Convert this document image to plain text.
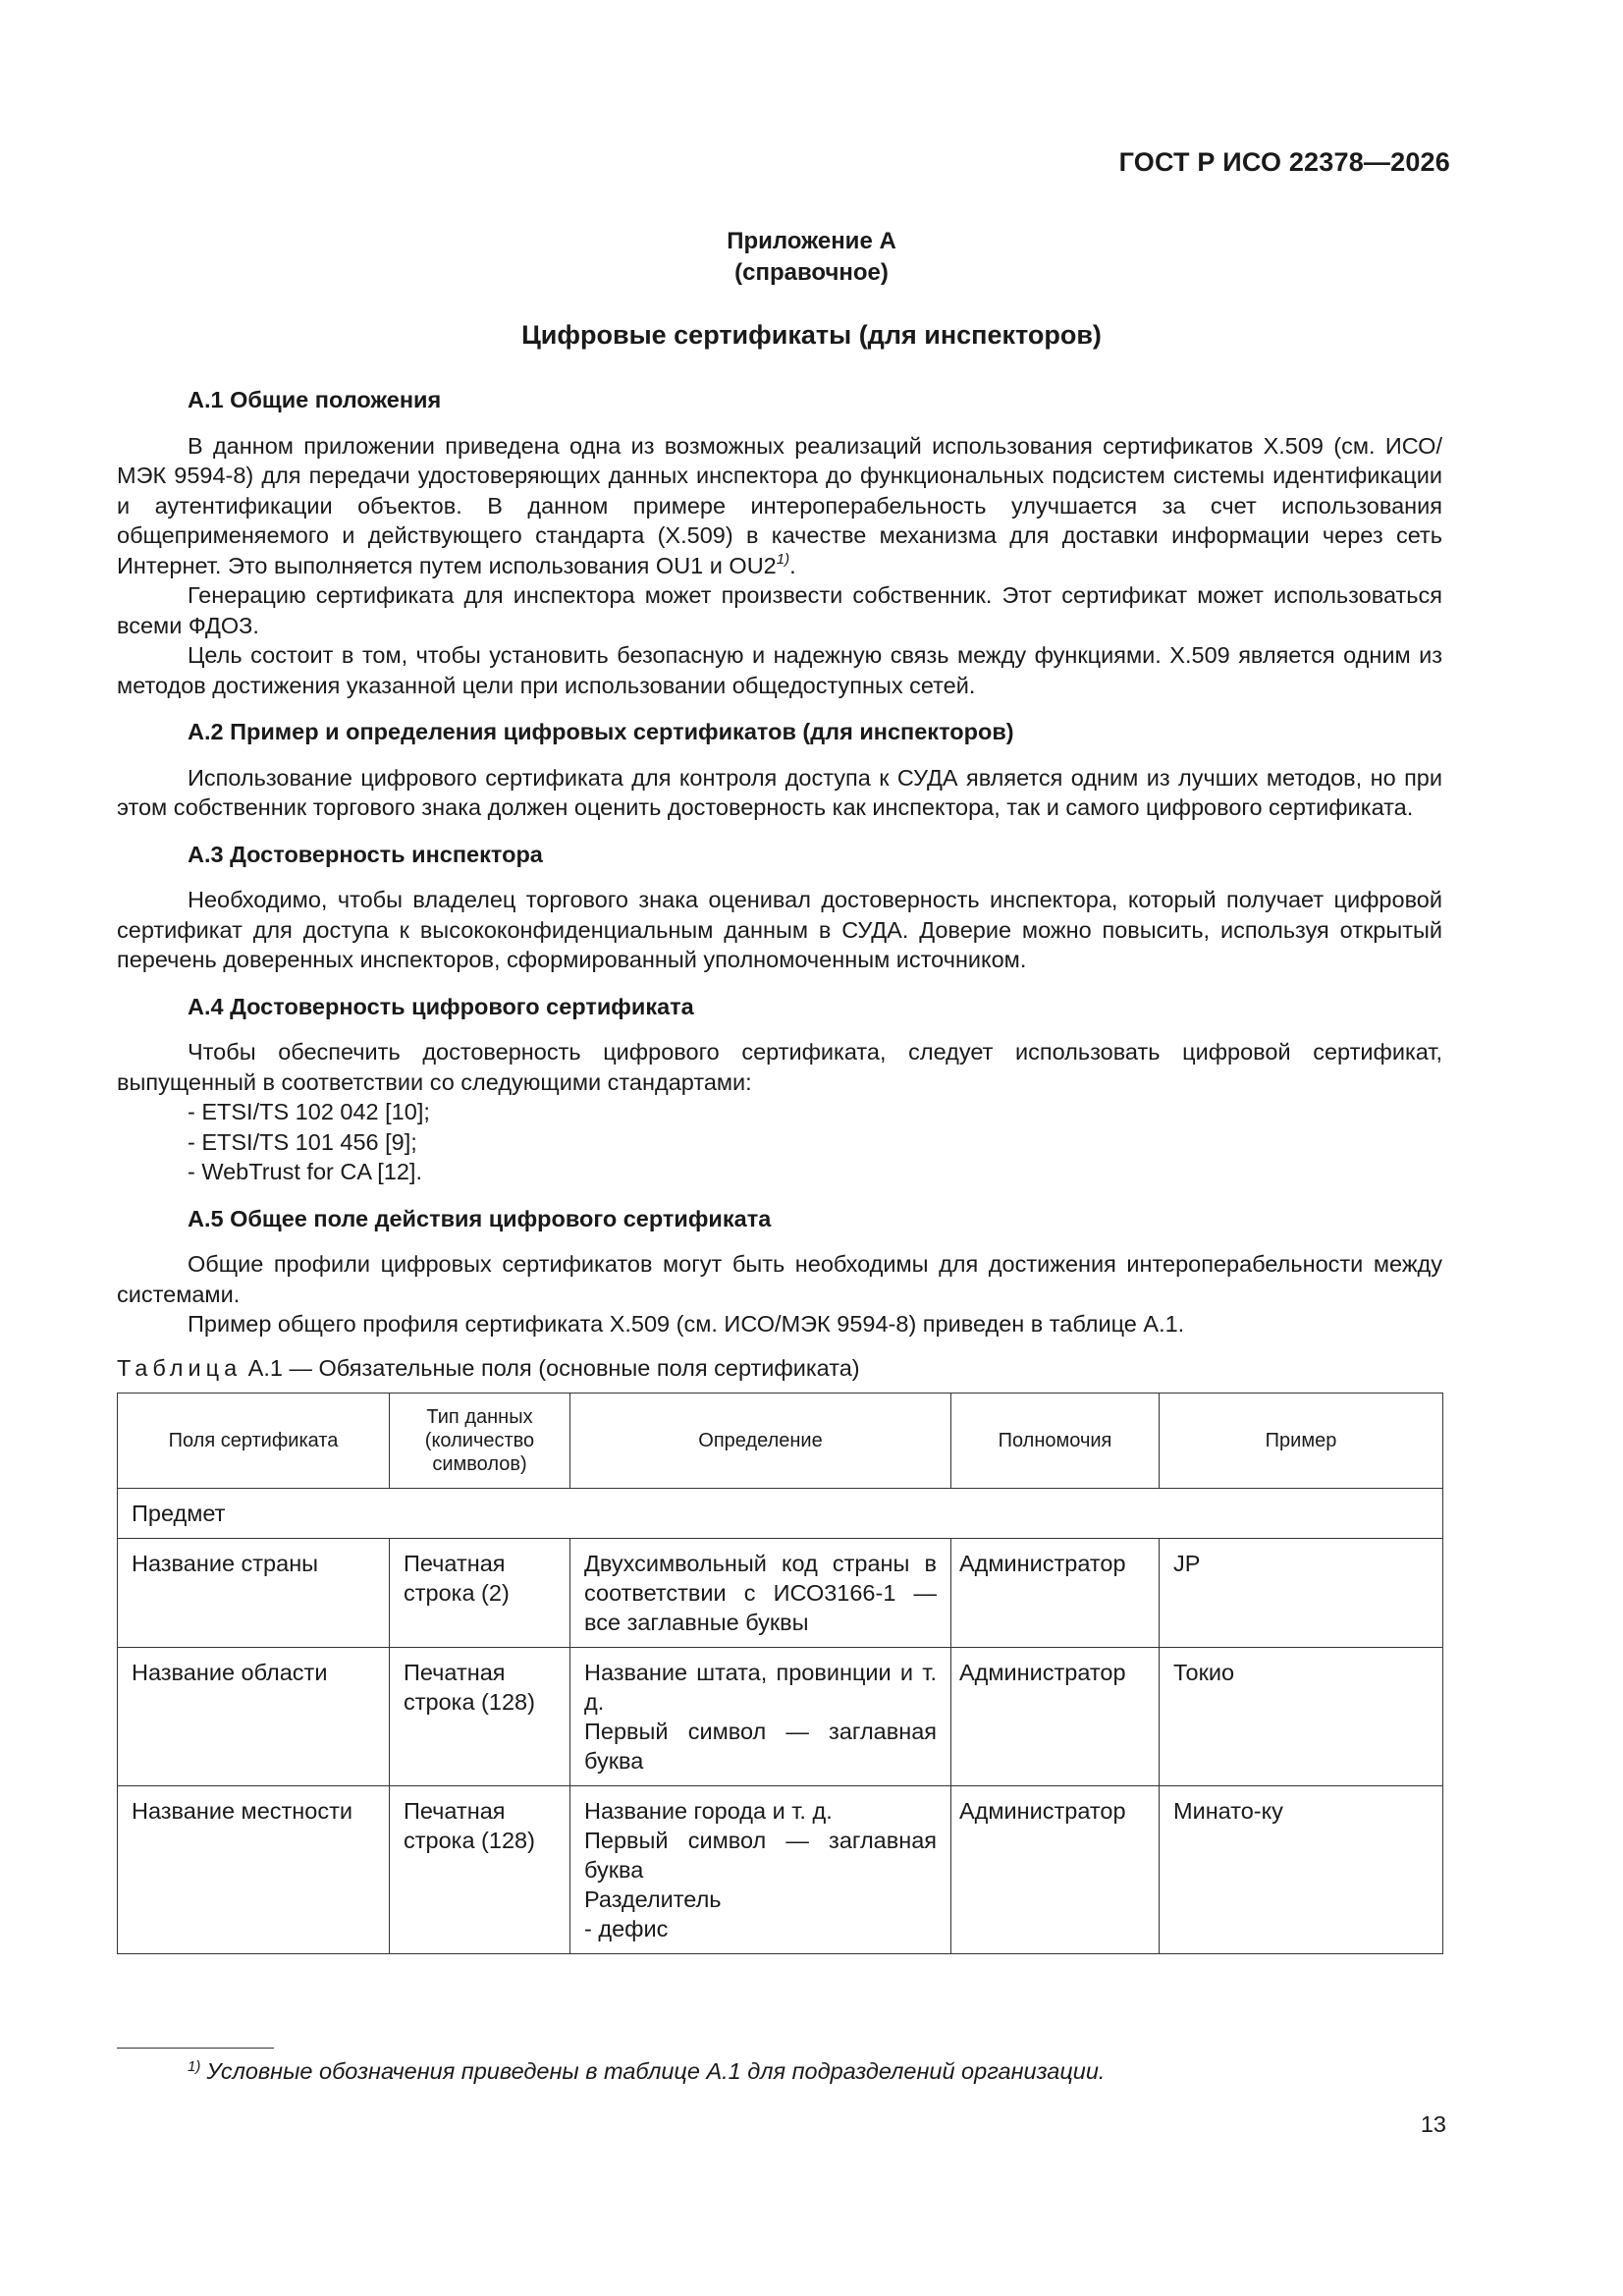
ГОСТ Р ИСО 22378—2026
Приложение А
(справочное)
Цифровые сертификаты (для инспекторов)

А.1 Общие положения

В данном приложении приведена одна из возможных реализаций использования сертификатов X.509 (см. ИСО/МЭК 9594-8) для передачи удостоверяющих данных инспектора до функциональных подсистем системы идентификации и аутентификации объектов. В данном примере интероперабельность улучшается за счет использования общеприменяемого и действующего стандарта (X.509) в качестве механизма для доставки информации через сеть Интернет. Это выполняется путем использования OU1 и OU2$^{1)}$.

Генерацию сертификата для инспектора может произвести собственник. Этот сертификат может использоваться всеми ФДОЗ.

Цель состоит в том, чтобы установить безопасную и надежную связь между функциями. X.509 является одним из методов достижения указанной цели при использовании общедоступных сетей.

А.2 Пример и определения цифровых сертификатов (для инспекторов)

Использование цифрового сертификата для контроля доступа к СУДА является одним из лучших методов, но при этом собственник торгового знака должен оценить достоверность как инспектора, так и самого цифрового сертификата.

А.3 Достоверность инспектора

Необходимо, чтобы владелец торгового знака оценивал достоверность инспектора, который получает цифровой сертификат для доступа к высококонфиденциальным данным в СУДА. Доверие можно повысить, используя открытый перечень доверенных инспекторов, сформированный уполномоченным источником.

А.4 Достоверность цифрового сертификата

Чтобы обеспечить достоверность цифрового сертификата, следует использовать цифровой сертификат, выпущенный в соответствии со следующими стандартами:

- ETSI/TS 102 042 [10];

- ETSI/TS 101 456 [9];

- WebTrust for CA [12].

А.5 Общее поле действия цифрового сертификата

Общие профили цифровых сертификатов могут быть необходимы для достижения интероперабельности между системами.

Пример общего профиля сертификата X.509 (см. ИСО/МЭК 9594-8) приведен в таблице А.1.

Таблица А.1 — Обязательные поля (основные поля сертификата)
Поля сертификата	Тип данных
(количество
символов)	Определение	Полномочия	Пример
Предмет				
Название страны	Печатная строка (2)	Двухсимвольный код страны в соответствии с ИСО3166-1 — все заглавные буквы	Администратор	JP
Название области	Печатная строка (128)	Название штата, провинции и т. д.
Первый символ — заглавная буква	Администратор	Токио
Название местности	Печатная строка (128)	Название города и т. д.
Первый символ — заглавная буква
Разделитель
- дефис	Администратор	Минато-ку
$^{1)}$ Условные обозначения приведены в таблице А.1 для подразделений организации.
13
